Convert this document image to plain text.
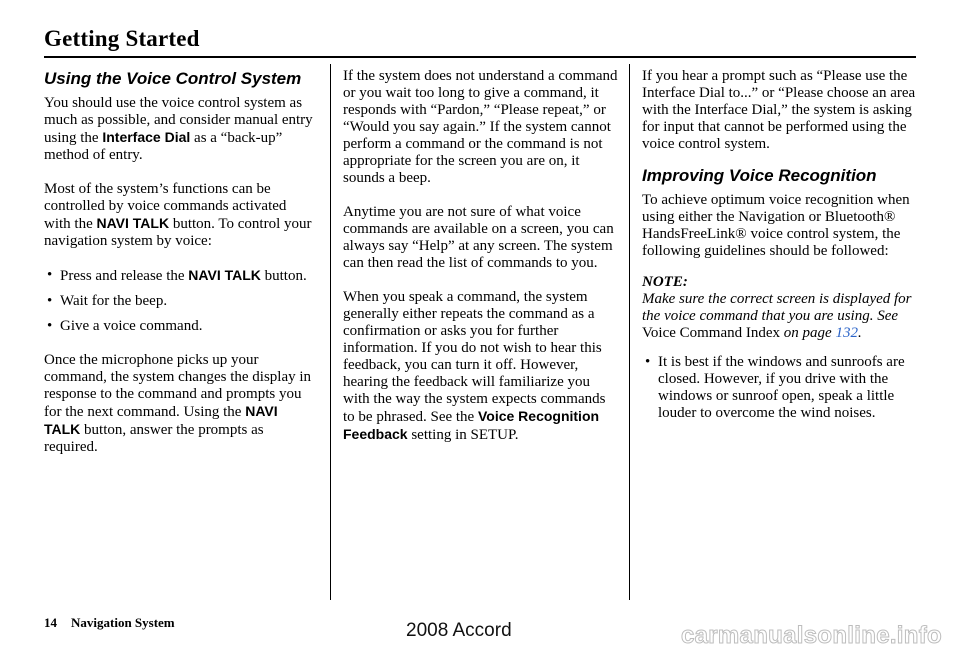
Getting Started
Using the Voice Control System

You should use the voice control system as much as possible, and consider manual entry using the Interface Dial as a “back-up” method of entry.

Most of the system’s functions can be controlled by voice commands activated with the NAVI TALK button. To control your navigation system by voice:

• Press and release the NAVI TALK button.
• Wait for the beep.
• Give a voice command.

Once the microphone picks up your command, the system changes the display in response to the command and prompts you for the next command. Using the NAVI TALK button, answer the prompts as required.

If the system does not understand a command or you wait too long to give a command, it responds with “Pardon,” “Please repeat,” or “Would you say again.” If the system cannot perform a command or the command is not appropriate for the screen you are on, it sounds a beep.

Anytime you are not sure of what voice commands are available on a screen, you can always say “Help” at any screen. The system can then read the list of commands to you.

When you speak a command, the system generally either repeats the command as a confirmation or asks you for further information. If you do not wish to hear this feedback, you can turn it off. However, hearing the feedback will familiarize you with the way the system expects commands to be phrased. See the Voice Recognition Feedback setting in SETUP.

If you hear a prompt such as “Please use the Interface Dial to...” or “Please choose an area with the Interface Dial,” the system is asking for input that cannot be performed using the voice control system.

Improving Voice Recognition

To achieve optimum voice recognition when using either the Navigation or Bluetooth® HandsFreeLink® voice control system, the following guidelines should be followed:

NOTE:

Make sure the correct screen is displayed for the voice command that you are using. See Voice Command Index on page 132.

• It is best if the windows and sunroofs are closed. However, if you drive with the windows or sunroof open, speak a little louder to overcome the wind noises.
14 Navigation System	2008 Accord	carmanualsonline.info
